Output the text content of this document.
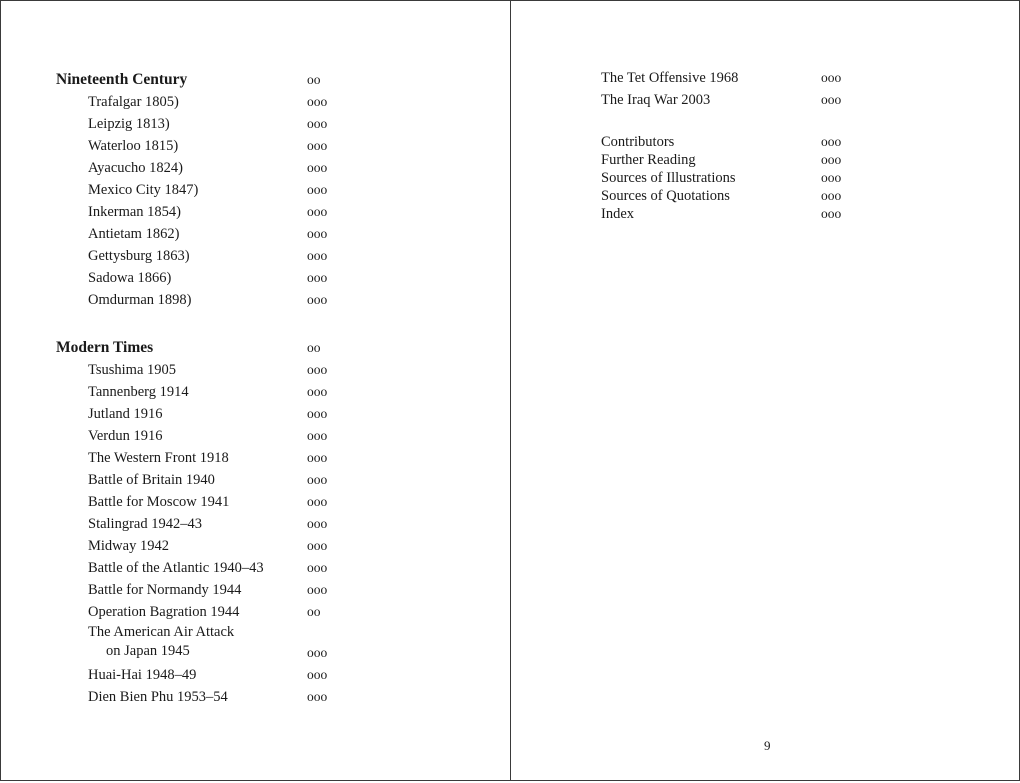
Nineteenth Century	oo
Trafalgar 1805)	ooo
Leipzig 1813)	ooo
Waterloo 1815)	ooo
Ayacucho 1824)	ooo
Mexico City 1847)	ooo
Inkerman 1854)	ooo
Antietam 1862)	ooo
Gettysburg 1863)	ooo
Sadowa 1866)	ooo
Omdurman 1898)	ooo
Modern Times	oo
Tsushima 1905	ooo
Tannenberg 1914	ooo
Jutland 1916	ooo
Verdun 1916	ooo
The Western Front 1918	ooo
Battle of Britain 1940	ooo
Battle for Moscow 1941	ooo
Stalingrad 1942–43	ooo
Midway 1942	ooo
Battle of the Atlantic 1940–43	ooo
Battle for Normandy 1944	ooo
Operation Bagration 1944	oo
The American Air Attack
on Japan 1945	ooo
Huai-Hai 1948–49	ooo
Dien Bien Phu 1953–54	ooo
The Tet Offensive 1968	ooo
The Iraq War 2003	ooo
Contributors	ooo
Further Reading	ooo
Sources of Illustrations	ooo
Sources of Quotations	ooo
Index	ooo
9
